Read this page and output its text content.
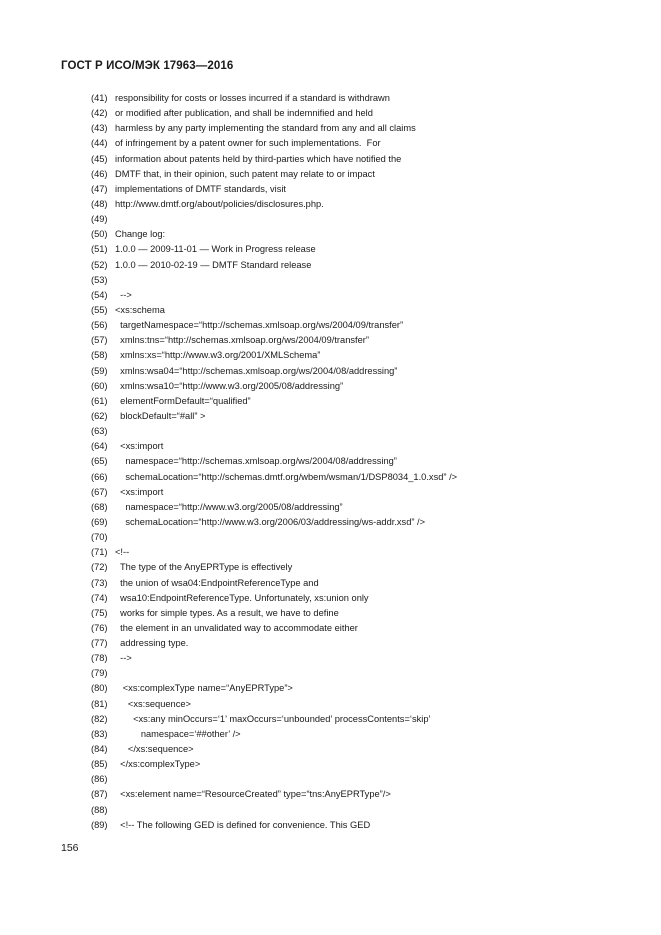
ГОСТ Р ИСО/МЭК 17963—2016
(41) responsibility for costs or losses incurred if a standard is withdrawn
(42) or modified after publication, and shall be indemnified and held
(43) harmless by any party implementing the standard from any and all claims
(44) of infringement by a patent owner for such implementations.  For
(45) information about patents held by third-parties which have notified the
(46) DMTF that, in their opinion, such patent may relate to or impact
(47) implementations of DMTF standards, visit
(48) http://www.dmtf.org/about/policies/disclosures.php.
(49)
(50) Change log:
(51) 1.0.0 — 2009-11-01 — Work in Progress release
(52) 1.0.0 — 2010-02-19 — DMTF Standard release
(53)
(54) -->
(55) <xs:schema
(56) targetNamespace=“http://schemas.xmlsoap.org/ws/2004/09/transfer”
(57) xmlns:tns=“http://schemas.xmlsoap.org/ws/2004/09/transfer”
(58) xmlns:xs=“http://www.w3.org/2001/XMLSchema”
(59) xmlns:wsa04=“http://schemas.xmlsoap.org/ws/2004/08/addressing”
(60) xmlns:wsa10=“http://www.w3.org/2005/08/addressing”
(61) elementFormDefault=“qualified”
(62) blockDefault=“#all” >
(63)
(64) <xs:import
(65) namespace=“http://schemas.xmlsoap.org/ws/2004/08/addressing”
(66) schemaLocation=“http://schemas.dmtf.org/wbem/wsman/1/DSP8034_1.0.xsd” />
(67) <xs:import
(68) namespace=“http://www.w3.org/2005/08/addressing”
(69) schemaLocation=“http://www.w3.org/2006/03/addressing/ws-addr.xsd” />
(70)
(71) <!--
(72) The type of the AnyEPRType is effectively
(73) the union of wsa04:EndpointReferenceType and
(74) wsa10:EndpointReferenceType. Unfortunately, xs:union only
(75) works for simple types. As a result, we have to define
(76) the element in an unvalidated way to accommodate either
(77) addressing type.
(78) -->
(79)
(80) <xs:complexType name=“AnyEPRType”>
(81) <xs:sequence>
(82) <xs:any minOccurs=‘1’ maxOccurs=‘unbounded’ processContents=‘skip’
(83) namespace=‘##other’ />
(84) </xs:sequence>
(85) </xs:complexType>
(86)
(87) <xs:element name=“ResourceCreated” type=“tns:AnyEPRType”/>
(88)
(89) <!-- The following GED is defined for convenience. This GED
156
